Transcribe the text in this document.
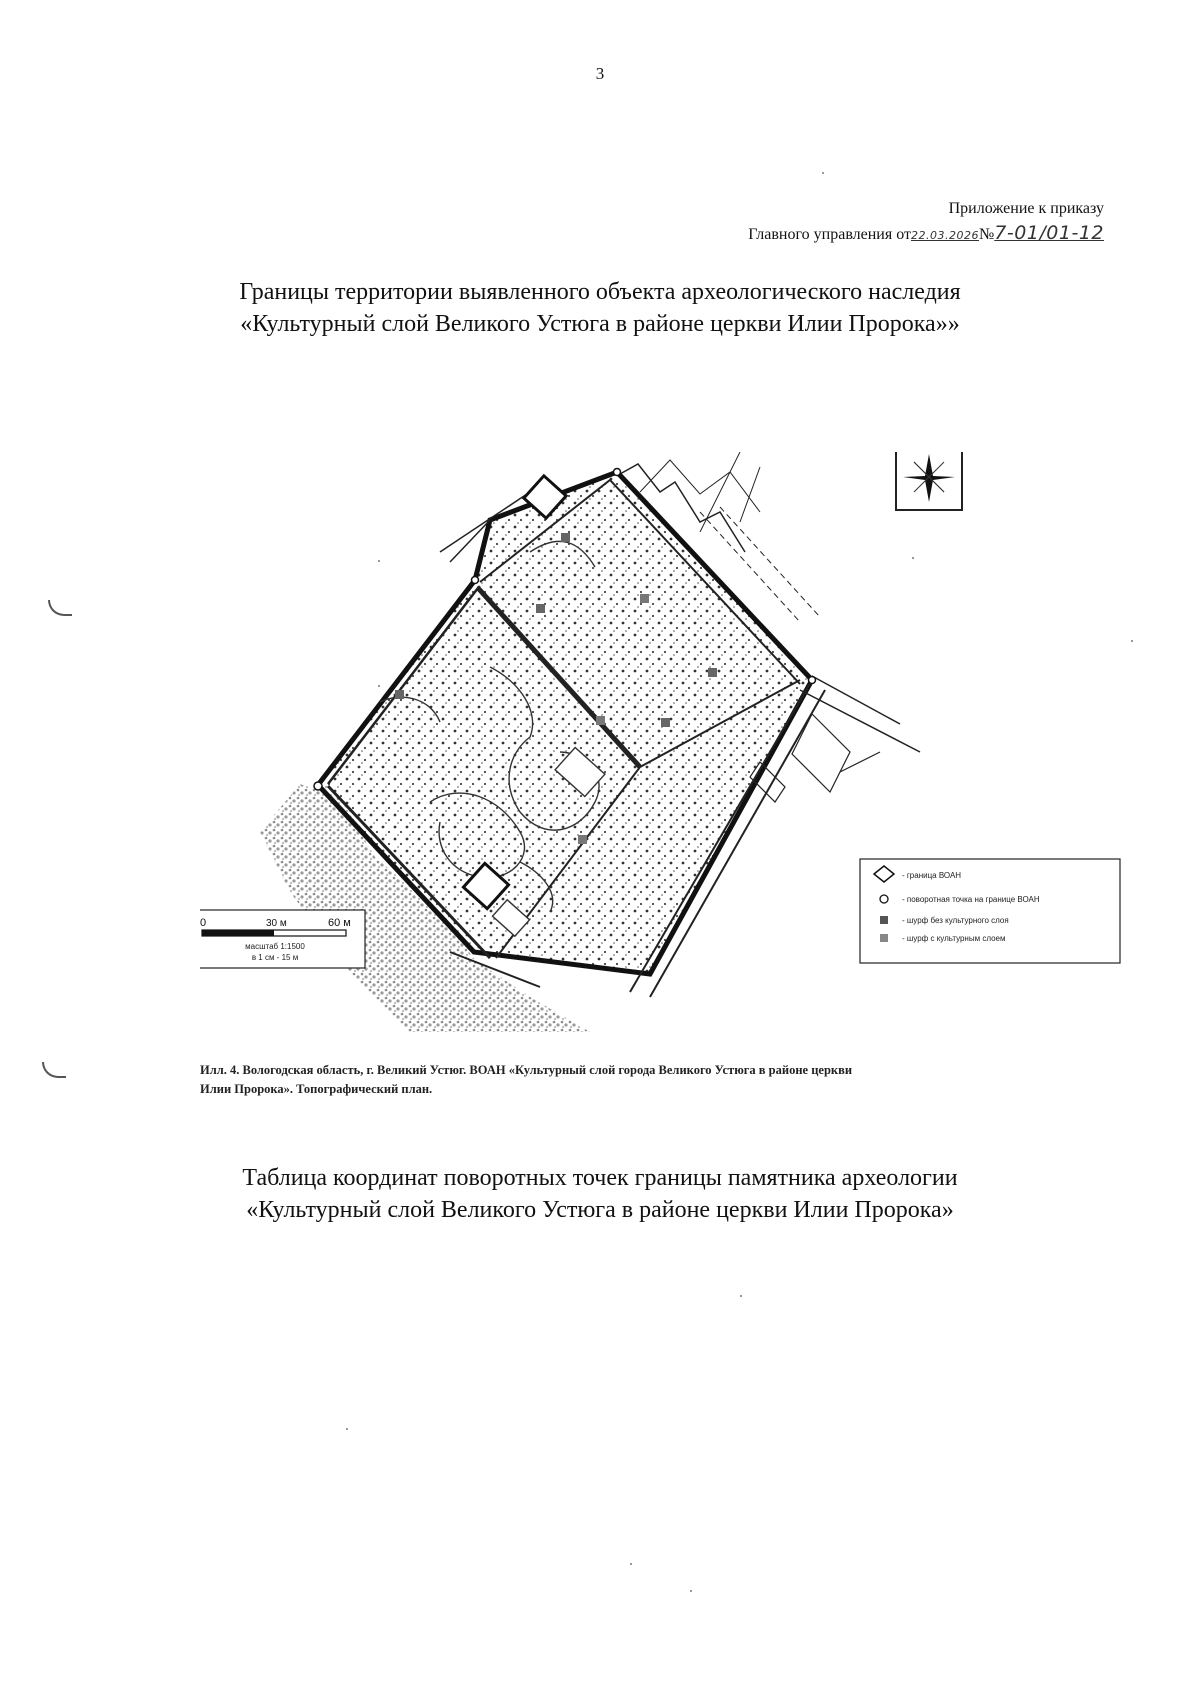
3
Приложение к приказу
Главного управления от22.03.2026№7-01/01-12
Границы территории выявленного объекта археологического наследия
«Культурный слой Великого Устюга в районе церкви Илии Пророка»»
0	30 м	60 м
масштаб 1:1500
в 1 см - 15 м
- граница ВОАН
- поворотная точка на границе ВОАН
- шурф без культурного слоя
- шурф с культурным слоем
Илл. 4. Вологодская область, г. Великий Устюг. ВОАН «Культурный слой города Великого Устюга в районе церкви
Илии Пророка». Топографический план.
Таблица координат поворотных точек границы памятника археологии
«Культурный слой Великого Устюга в районе церкви Илии Пророка»
